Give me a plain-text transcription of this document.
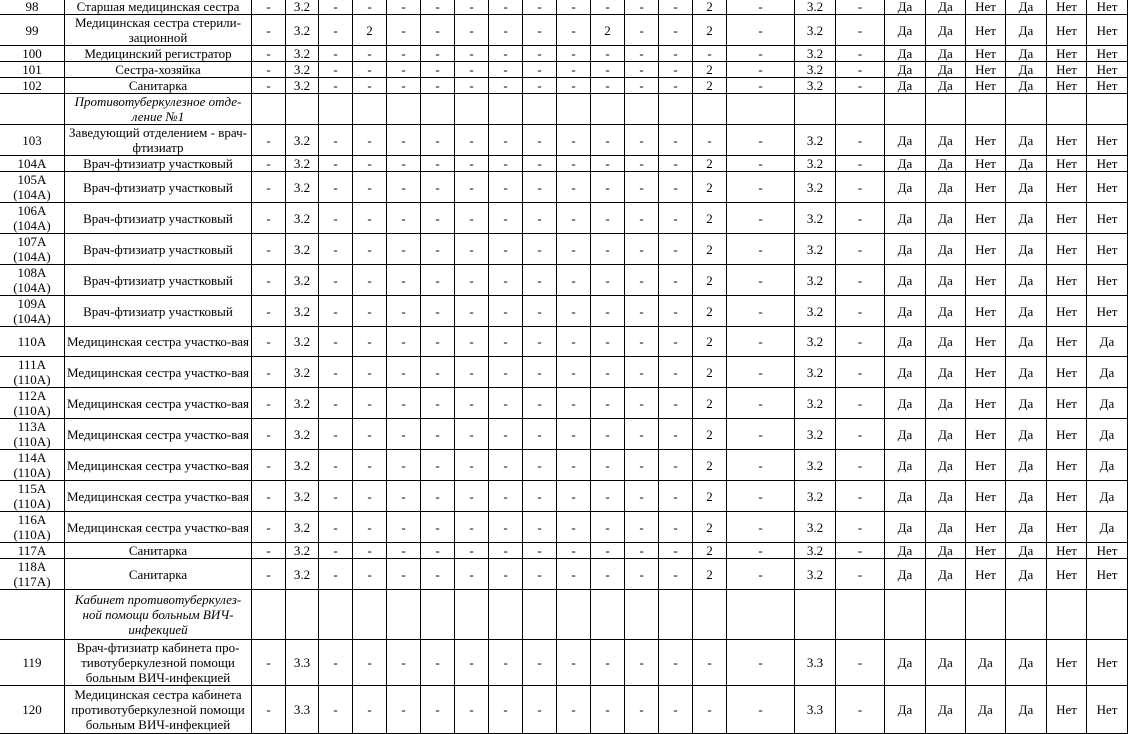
98	Старшая медицинская сестра	-	3.2	-	-	-	-	-	-	-	-	-	-	-	2	-	3.2	-	Да	Да	Нет	Да	Нет	Нет
99	Медицинская сестра стерили-зационной	-	3.2	-	2	-	-	-	-	-	-	2	-	-	2	-	3.2	-	Да	Да	Нет	Да	Нет	Нет
100	Медицинский регистратор	-	3.2	-	-	-	-	-	-	-	-	-	-	-	-	-	3.2	-	Да	Да	Нет	Да	Нет	Нет
101	Сестра-хозяйка	-	3.2	-	-	-	-	-	-	-	-	-	-	-	2	-	3.2	-	Да	Да	Нет	Да	Нет	Нет
102	Санитарка	-	3.2	-	-	-	-	-	-	-	-	-	-	-	2	-	3.2	-	Да	Да	Нет	Да	Нет	Нет
	Противотуберкулезное отде-ление №1																							
103	Заведующий отделением - врач-фтизиатр	-	3.2	-	-	-	-	-	-	-	-	-	-	-	-	-	3.2	-	Да	Да	Нет	Да	Нет	Нет
104А	Врач-фтизиатр участковый	-	3.2	-	-	-	-	-	-	-	-	-	-	-	2	-	3.2	-	Да	Да	Нет	Да	Нет	Нет
105А (104А)	Врач-фтизиатр участковый	-	3.2	-	-	-	-	-	-	-	-	-	-	-	2	-	3.2	-	Да	Да	Нет	Да	Нет	Нет
106А (104А)	Врач-фтизиатр участковый	-	3.2	-	-	-	-	-	-	-	-	-	-	-	2	-	3.2	-	Да	Да	Нет	Да	Нет	Нет
107А (104А)	Врач-фтизиатр участковый	-	3.2	-	-	-	-	-	-	-	-	-	-	-	2	-	3.2	-	Да	Да	Нет	Да	Нет	Нет
108А (104А)	Врач-фтизиатр участковый	-	3.2	-	-	-	-	-	-	-	-	-	-	-	2	-	3.2	-	Да	Да	Нет	Да	Нет	Нет
109А (104А)	Врач-фтизиатр участковый	-	3.2	-	-	-	-	-	-	-	-	-	-	-	2	-	3.2	-	Да	Да	Нет	Да	Нет	Нет
110А	Медицинская сестра участко-вая	-	3.2	-	-	-	-	-	-	-	-	-	-	-	2	-	3.2	-	Да	Да	Нет	Да	Нет	Да
111А (110А)	Медицинская сестра участко-вая	-	3.2	-	-	-	-	-	-	-	-	-	-	-	2	-	3.2	-	Да	Да	Нет	Да	Нет	Да
112А (110А)	Медицинская сестра участко-вая	-	3.2	-	-	-	-	-	-	-	-	-	-	-	2	-	3.2	-	Да	Да	Нет	Да	Нет	Да
113А (110А)	Медицинская сестра участко-вая	-	3.2	-	-	-	-	-	-	-	-	-	-	-	2	-	3.2	-	Да	Да	Нет	Да	Нет	Да
114А (110А)	Медицинская сестра участко-вая	-	3.2	-	-	-	-	-	-	-	-	-	-	-	2	-	3.2	-	Да	Да	Нет	Да	Нет	Да
115А (110А)	Медицинская сестра участко-вая	-	3.2	-	-	-	-	-	-	-	-	-	-	-	2	-	3.2	-	Да	Да	Нет	Да	Нет	Да
116А (110А)	Медицинская сестра участко-вая	-	3.2	-	-	-	-	-	-	-	-	-	-	-	2	-	3.2	-	Да	Да	Нет	Да	Нет	Да
117А	Санитарка	-	3.2	-	-	-	-	-	-	-	-	-	-	-	2	-	3.2	-	Да	Да	Нет	Да	Нет	Нет
118А (117А)	Санитарка	-	3.2	-	-	-	-	-	-	-	-	-	-	-	2	-	3.2	-	Да	Да	Нет	Да	Нет	Нет
	Кабинет противотуберкулез-ной помощи больным ВИЧ-инфекцией																							
119	Врач-фтизиатр кабинета про-тивотуберкулезной помощи больным ВИЧ-инфекцией	-	3.3	-	-	-	-	-	-	-	-	-	-	-	-	-	3.3	-	Да	Да	Да	Да	Нет	Нет
120	Медицинская сестра кабинета противотуберкулезной помощи больным ВИЧ-инфекцией	-	3.3	-	-	-	-	-	-	-	-	-	-	-	-	-	3.3	-	Да	Да	Да	Да	Нет	Нет
